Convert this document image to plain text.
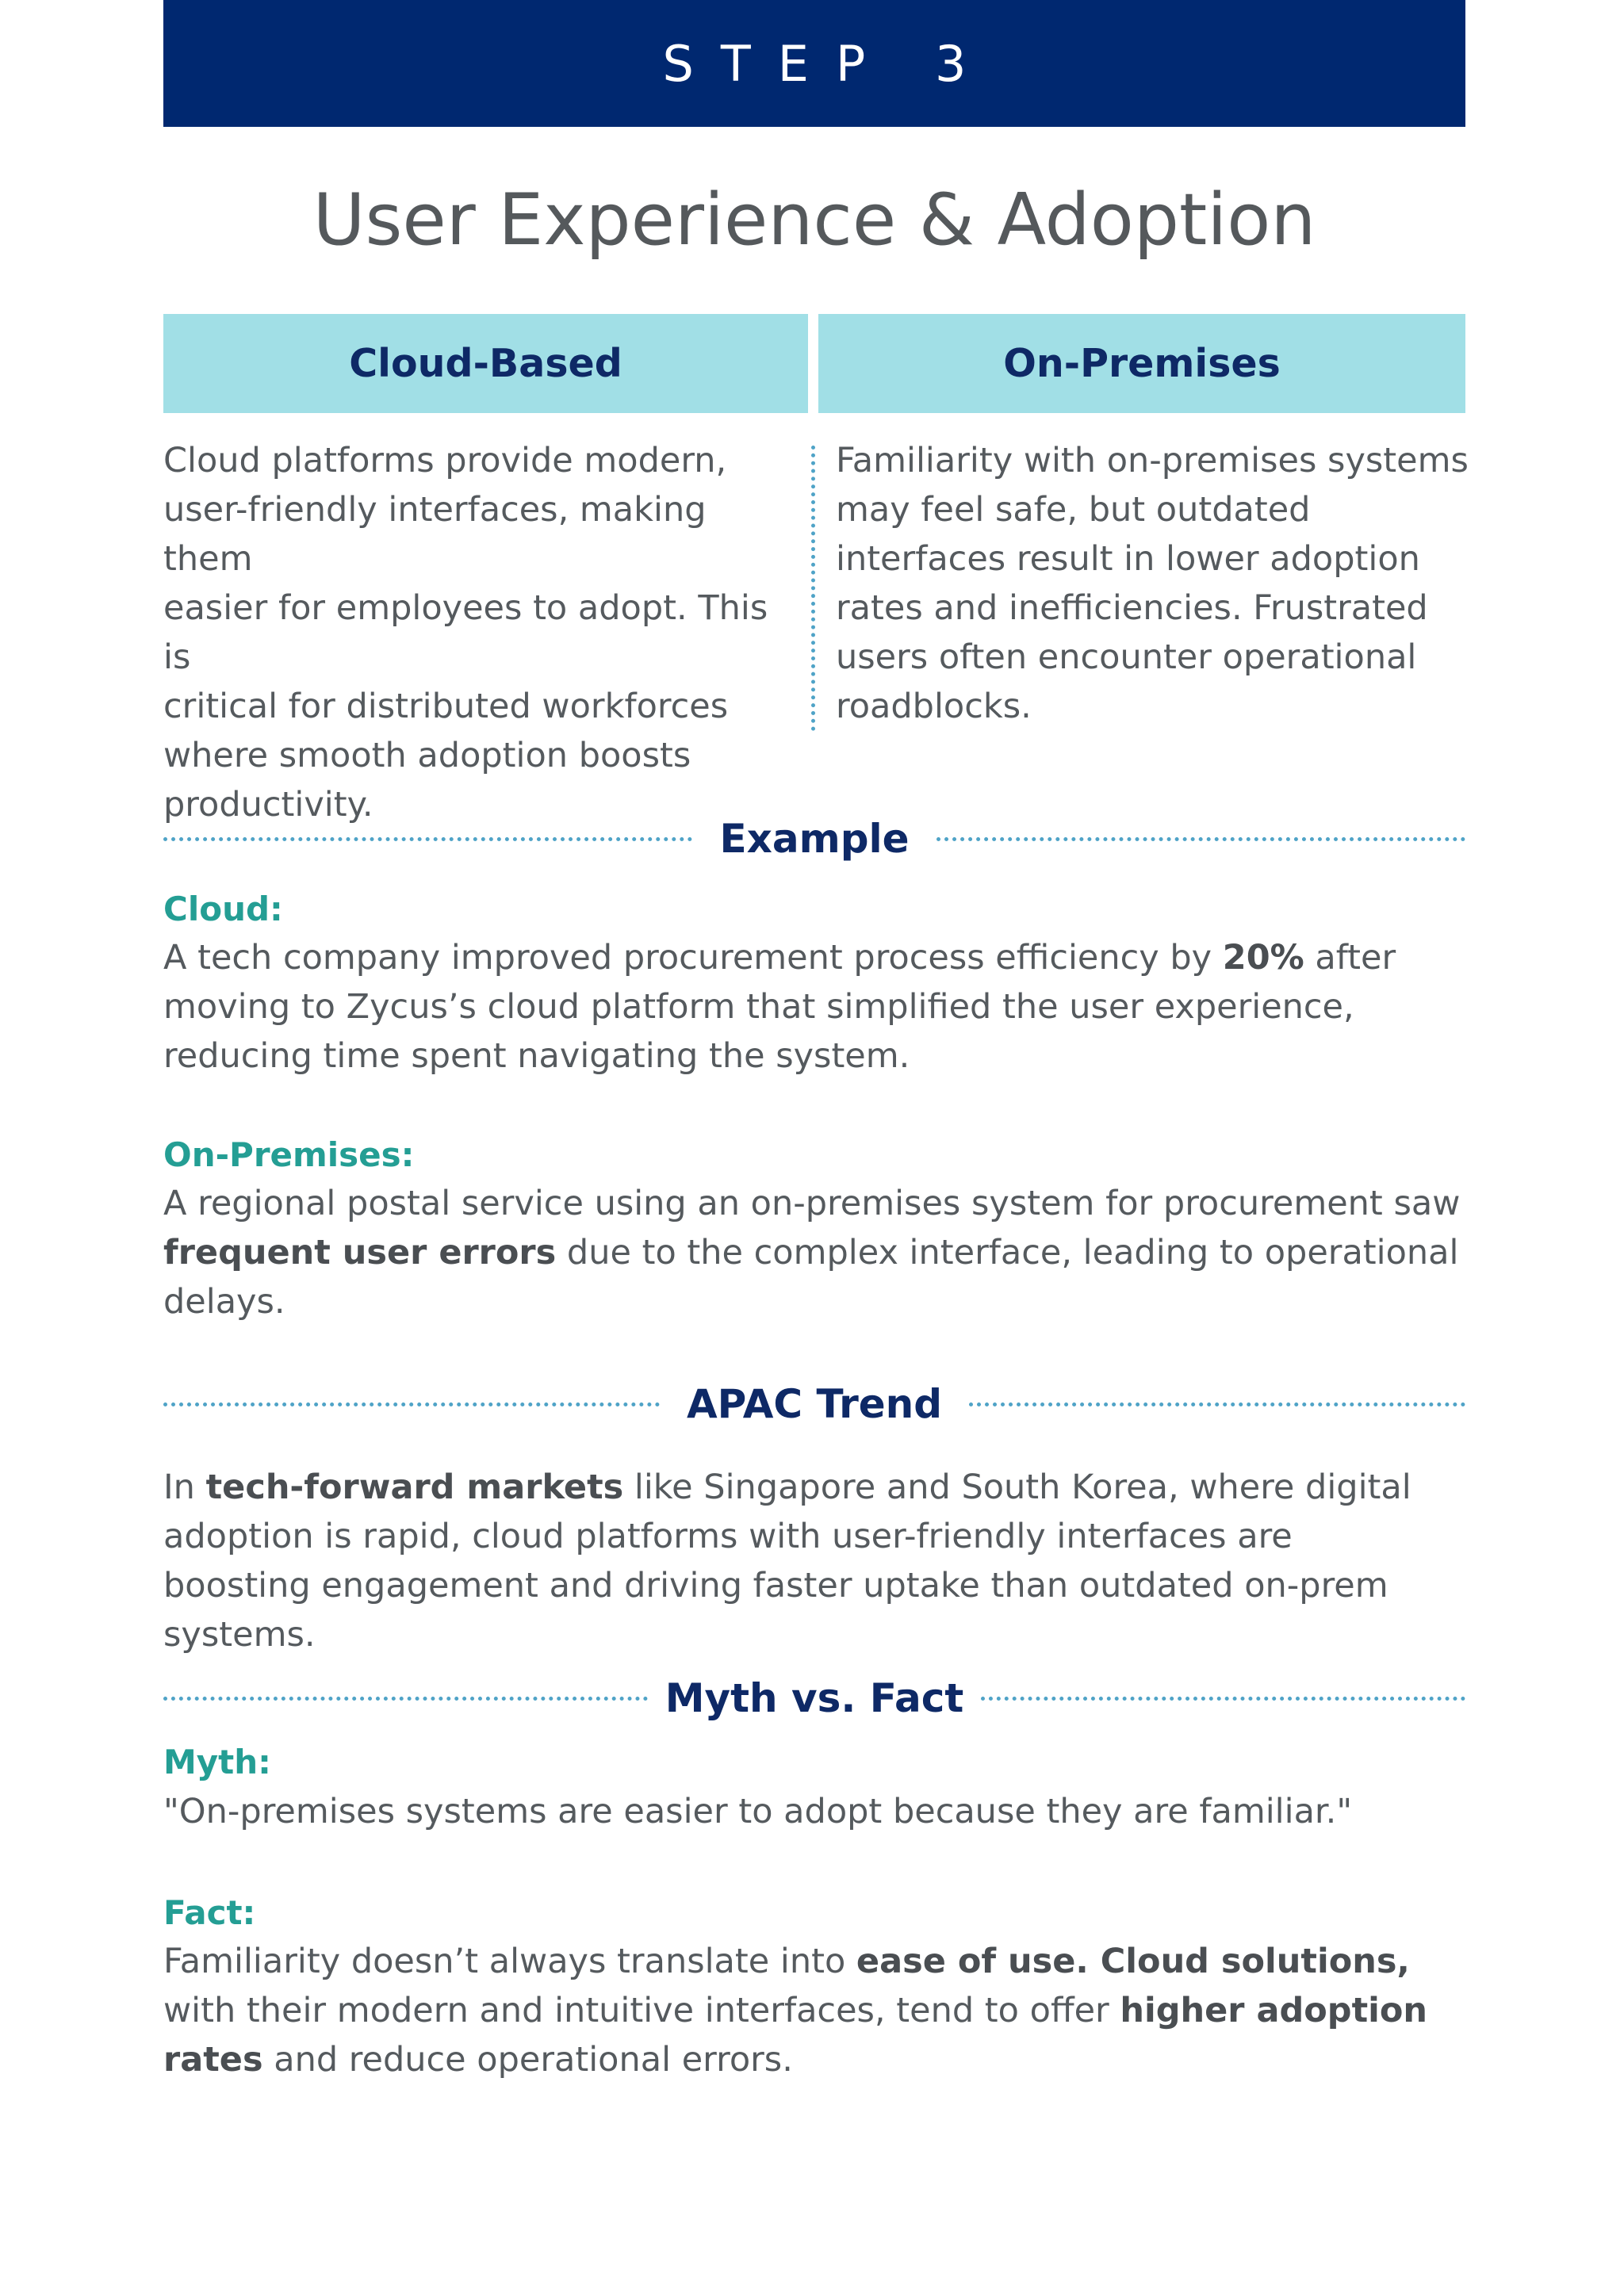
STEP 3
User Experience & Adoption
Cloud-Based	On-Premises

Cloud platforms provide modern,
user-friendly interfaces, making them
easier for employees to adopt. This is
critical for distributed workforces
where smooth adoption boosts
productivity.

Familiarity with on-premises systems
may feel safe, but outdated
interfaces result in lower adoption
rates and inefficiencies. Frustrated
users often encounter operational
roadblocks.

Example

Cloud:

A tech company improved procurement process efficiency by 20% after moving to Zycus’s cloud platform that simplified the user experience, reducing time spent navigating the system.

On-Premises:

A regional postal service using an on-premises system for procurement saw frequent user errors due to the complex interface, leading to operational delays.

APAC Trend

In tech-forward markets like Singapore and South Korea, where digital adoption is rapid, cloud platforms with user-friendly interfaces are boosting engagement and driving faster uptake than outdated on-prem systems.

Myth vs. Fact

Myth:

"On-premises systems are easier to adopt because they are familiar."

Fact:

Familiarity doesn’t always translate into ease of use. Cloud solutions, with their modern and intuitive interfaces, tend to offer higher adoption rates and reduce operational errors.
